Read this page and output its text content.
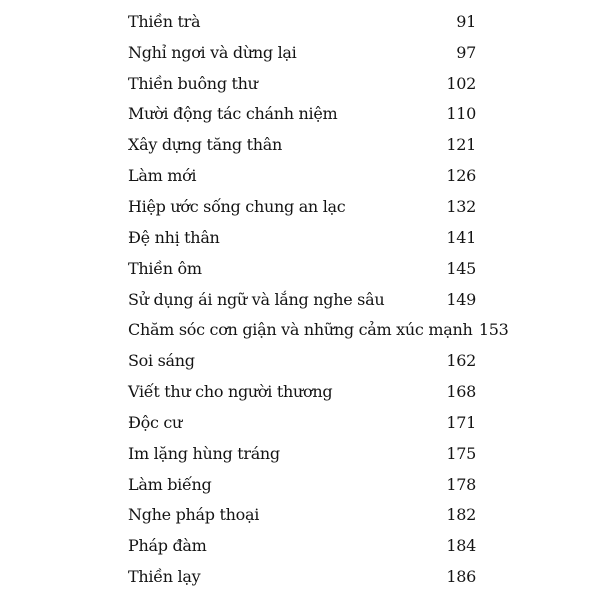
Thiền trà	91
Nghỉ ngơi và dừng lại	97
Thiền buông thư	102
Mười động tác chánh niệm	110
Xây dựng tăng thân	121
Làm mới	126
Hiệp ước sống chung an lạc	132
Đệ nhị thân	141
Thiền ôm	145
Sử dụng ái ngữ và lắng nghe sâu	149
Chăm sóc cơn giận và những cảm xúc mạnh 153
Soi sáng	162
Viết thư cho người thương	168
Độc cư	171
Im lặng hùng tráng	175
Làm biếng	178
Nghe pháp thoại	182
Pháp đàm	184
Thiền lạy	186
